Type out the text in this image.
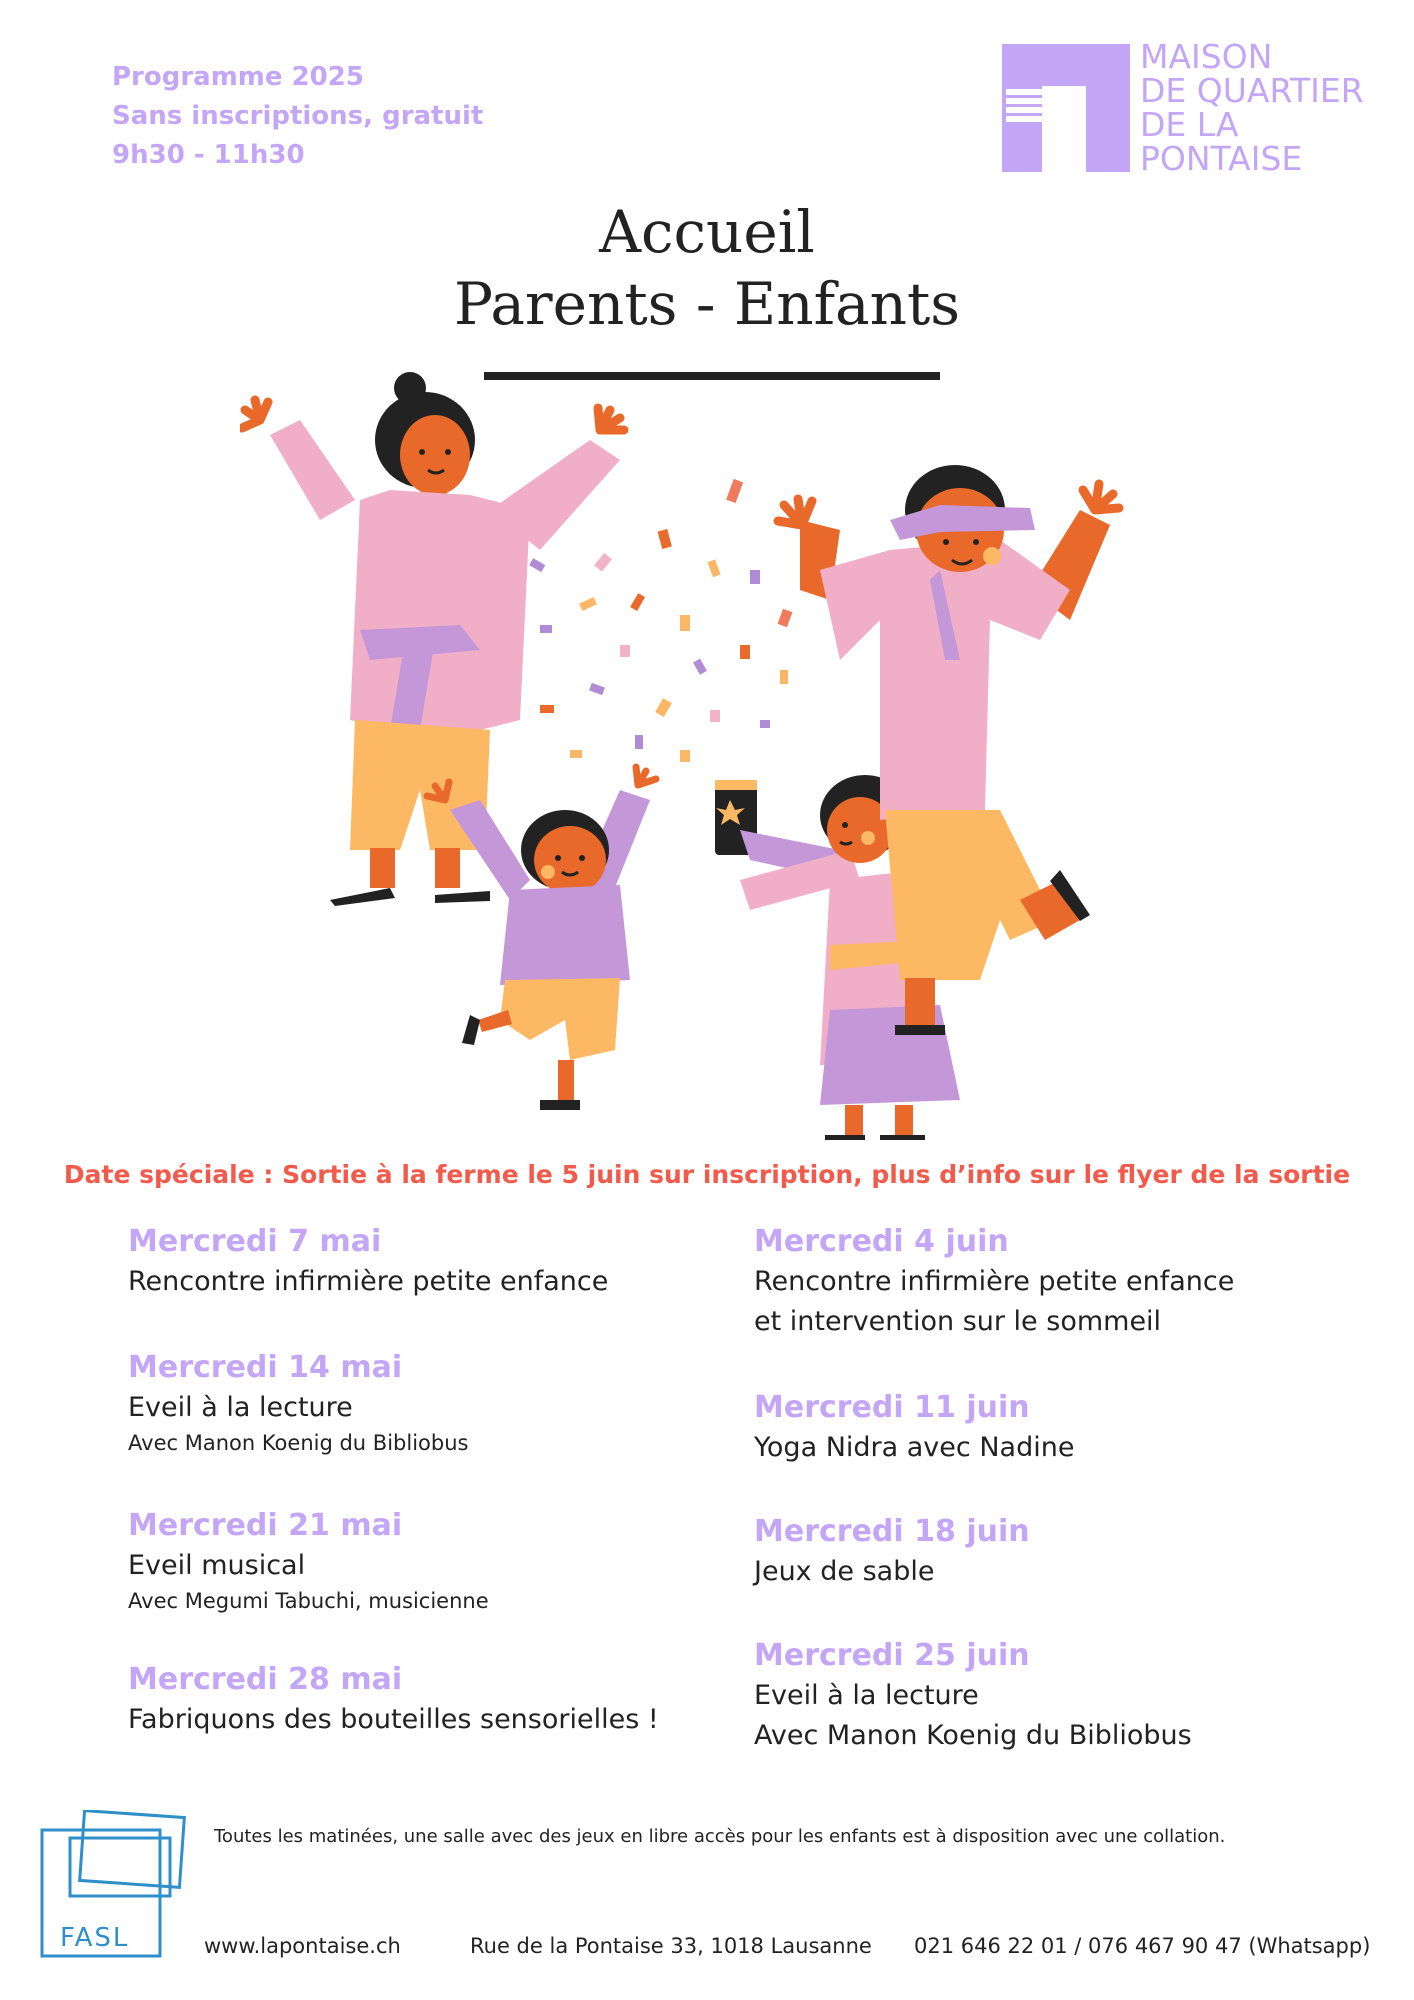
Programme 2025
Sans inscriptions, gratuit
9h30 - 11h30
MAISON
DE QUARTIER
DE LA
PONTAISE
Accueil
Parents - Enfants
Date spéciale : Sortie à la ferme le 5 juin sur inscription, plus d’info sur le flyer de la sortie
Mercredi 7 mai
Rencontre infirmière petite enfance
Mercredi 14 mai
Eveil à la lecture
Avec Manon Koenig du Bibliobus
Mercredi 21 mai
Eveil musical
Avec Megumi Tabuchi, musicienne
Mercredi 28 mai
Fabriquons des bouteilles sensorielles !
Mercredi 4 juin
Rencontre infirmière petite enfance
et intervention sur le sommeil
Mercredi 11 juin
Yoga Nidra avec Nadine
Mercredi 18 juin
Jeux de sable
Mercredi 25 juin
Eveil à la lecture
Avec Manon Koenig du Bibliobus
FASL
Toutes les matinées, une salle avec des jeux en libre accès pour les enfants est à disposition avec une collation.
www.lapontaise.ch	Rue de la Pontaise 33, 1018 Lausanne 021 646 22 01 / 076 467 90 47 (Whatsapp)
